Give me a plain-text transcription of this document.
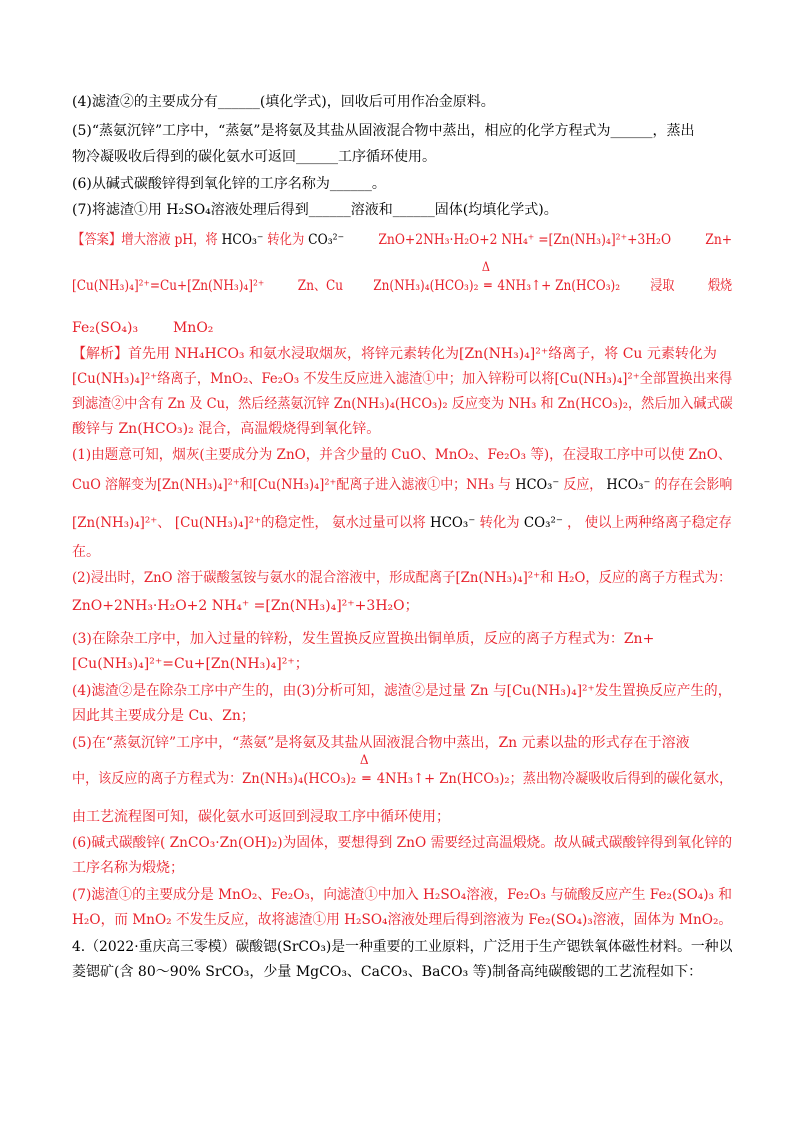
(4)滤渣②的主要成分有______(填化学式)，回收后可用作冶金原料。
(5)“蒸氨沉锌”工序中，“蒸氨”是将氨及其盐从固液混合物中蒸出，相应的化学方程式为______，蒸出
物冷凝吸收后得到的碳化氨水可返回______工序循环使用。
(6)从碱式碳酸锌得到氧化锌的工序名称为______。
(7)将滤渣①用 H₂SO₄溶液处理后得到______溶液和______固体(均填化学式)。
【答案】增大溶液 pH，将 HCO₃⁻ 转化为 CO₃²⁻ ZnO+2NH₃·H₂O+2 NH₄⁺ =[Zn(NH₃)₄]²⁺+3H₂O Zn+
[Cu(NH₃)₄]²⁺=Cu+[Zn(NH₃)₄]²⁺ Zn、Cu Zn(NH₃)₄(HCO₃)₂
Δ
═ 4NH₃↑+ Zn(HCO₃)₂ 浸取 煅烧
Fe₂(SO₄)₃ MnO₂
【解析】首先用 NH₄HCO₃ 和氨水浸取烟灰，将锌元素转化为[Zn(NH₃)₄]²⁺络离子，将 Cu 元素转化为
[Cu(NH₃)₄]²⁺络离子，MnO₂、Fe₂O₃ 不发生反应进入滤渣①中；加入锌粉可以将[Cu(NH₃)₄]²⁺全部置换出来得
到滤渣②中含有 Zn 及 Cu，然后经蒸氨沉锌 Zn(NH₃)₄(HCO₃)₂ 反应变为 NH₃ 和 Zn(HCO₃)₂，然后加入碱式碳
酸锌与 Zn(HCO₃)₂ 混合，高温煅烧得到氧化锌。
(1)由题意可知，烟灰(主要成分为 ZnO，并含少量的 CuO、MnO₂、Fe₂O₃ 等)，在浸取工序中可以使 ZnO、
CuO 溶解变为[Zn(NH₃)₄]²⁺和[Cu(NH₃)₄]²⁺配离子进入滤液①中；NH₃ 与 HCO₃⁻ 反应， HCO₃⁻ 的存在会影响
[Zn(NH₃)₄]²⁺、 [Cu(NH₃)₄]²⁺的稳定性， 氨水过量可以将 HCO₃⁻ 转化为 CO₃²⁻ ， 使以上两种络离子稳定存
在。
(2)浸出时，ZnO 溶于碳酸氢铵与氨水的混合溶液中，形成配离子[Zn(NH₃)₄]²⁺和 H₂O，反应的离子方程式为：
ZnO+2NH₃·H₂O+2 NH₄⁺ =[Zn(NH₃)₄]²⁺+3H₂O；
(3)在除杂工序中，加入过量的锌粉，发生置换反应置换出铜单质，反应的离子方程式为：Zn+
[Cu(NH₃)₄]²⁺=Cu+[Zn(NH₃)₄]²⁺；
(4)滤渣②是在除杂工序中产生的，由(3)分析可知，滤渣②是过量 Zn 与[Cu(NH₃)₄]²⁺发生置换反应产生的，
因此其主要成分是 Cu、Zn；
(5)在“蒸氨沉锌”工序中，“蒸氨”是将氨及其盐从固液混合物中蒸出，Zn 元素以盐的形式存在于溶液
中，该反应的离子方程式为：Zn(NH₃)₄(HCO₃)₂
Δ
═ 4NH₃↑+ Zn(HCO₃)₂；蒸出物冷凝吸收后得到的碳化氨水，
由工艺流程图可知，碳化氨水可返回到浸取工序中循环使用；
(6)碱式碳酸锌( ZnCO₃·Zn(OH)₂)为固体，要想得到 ZnO 需要经过高温煅烧。故从碱式碳酸锌得到氧化锌的
工序名称为煅烧；
(7)滤渣①的主要成分是 MnO₂、Fe₂O₃，向滤渣①中加入 H₂SO₄溶液，Fe₂O₃ 与硫酸反应产生 Fe₂(SO₄)₃ 和
H₂O，而 MnO₂ 不发生反应，故将滤渣①用 H₂SO₄溶液处理后得到溶液为 Fe₂(SO₄)₃溶液，固体为 MnO₂。
4.（2022·重庆高三零模）碳酸锶(SrCO₃)是一种重要的工业原料，广泛用于生产锶铁氧体磁性材料。一种以
菱锶矿(含 80～90% SrCO₃，少量 MgCO₃、CaCO₃、BaCO₃ 等)制备高纯碳酸锶的工艺流程如下：
